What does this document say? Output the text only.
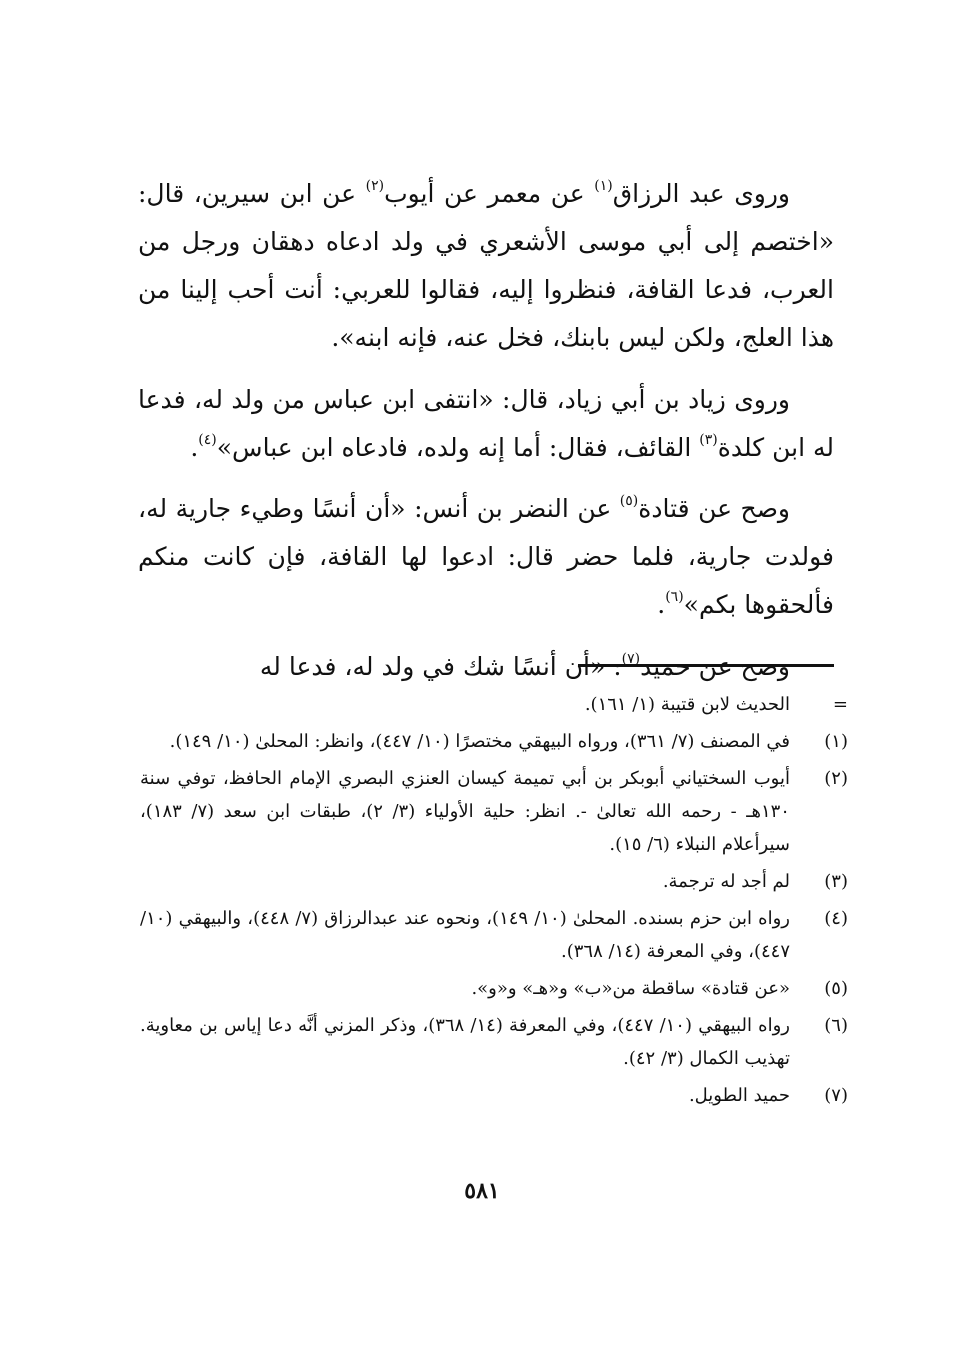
وروى عبد الرزاق$^{(١)}$ عن معمر عن أيوب$^{(٢)}$ عن ابن سيرين، قال: «اختصم إلى أبي موسى الأشعري في ولد ادعاه دهقان ورجل من العرب، فدعا القافة، فنظروا إليه، فقالوا للعربي: أنت أحب إلينا من هذا العلج، ولكن ليس بابنك، فخل عنه، فإنه ابنه».

وروى زياد بن أبي زياد، قال: «انتفى ابن عباس من ولد له، فدعا له ابن كلدة$^{(٣)}$ القائف، فقال: أما إنه ولده، فادعاه ابن عباس»$^{(٤)}$.

وصح عن قتادة$^{(٥)}$ عن النضر بن أنس: «أن أنسًا وطيء جارية له، فولدت جارية، فلما حضر قال: ادعوا لها القافة، فإن كانت منكم فألحقوها بكم»$^{(٦)}$.

وصح عن حميد$^{(٧)}$: «أن أنسًا شك في ولد له، فدعا له

=
الحديث لابن قتيبة (١/ ١٦١).
(١)
في المصنف (٧/ ٣٦١)، ورواه البيهقي مختصرًا (١٠/ ٤٤٧)، وانظر: المحلىٰ (١٠/ ١٤٩).
(٢)
أيوب السختياني أبوبكر بن أبي تميمة كيسان العنزي البصري الإمام الحافظ، توفي سنة ١٣٠هـ - رحمه الله تعالىٰ -. انظر: حلية الأولياء (٣/ ٢)، طبقات ابن سعد (٧/ ١٨٣)، سيرأعلام النبلاء (٦/ ١٥).
(٣)
لم أجد له ترجمة.
(٤)
رواه ابن حزم بسنده. المحلىٰ (١٠/ ١٤٩)، ونحوه عند عبدالرزاق (٧/ ٤٤٨)، والبيهقي (١٠/ ٤٤٧)، وفي المعرفة (١٤/ ٣٦٨).
(٥)
«عن قتادة» ساقطة من«ب» و«هـ» و«و».
(٦)
رواه البيهقي (١٠/ ٤٤٧)، وفي المعرفة (١٤/ ٣٦٨)، وذكر المزني أنَّه دعا إياس بن معاوية. تهذيب الكمال (٣/ ٤٢).
(٧)
حميد الطويل.
٥٨١
